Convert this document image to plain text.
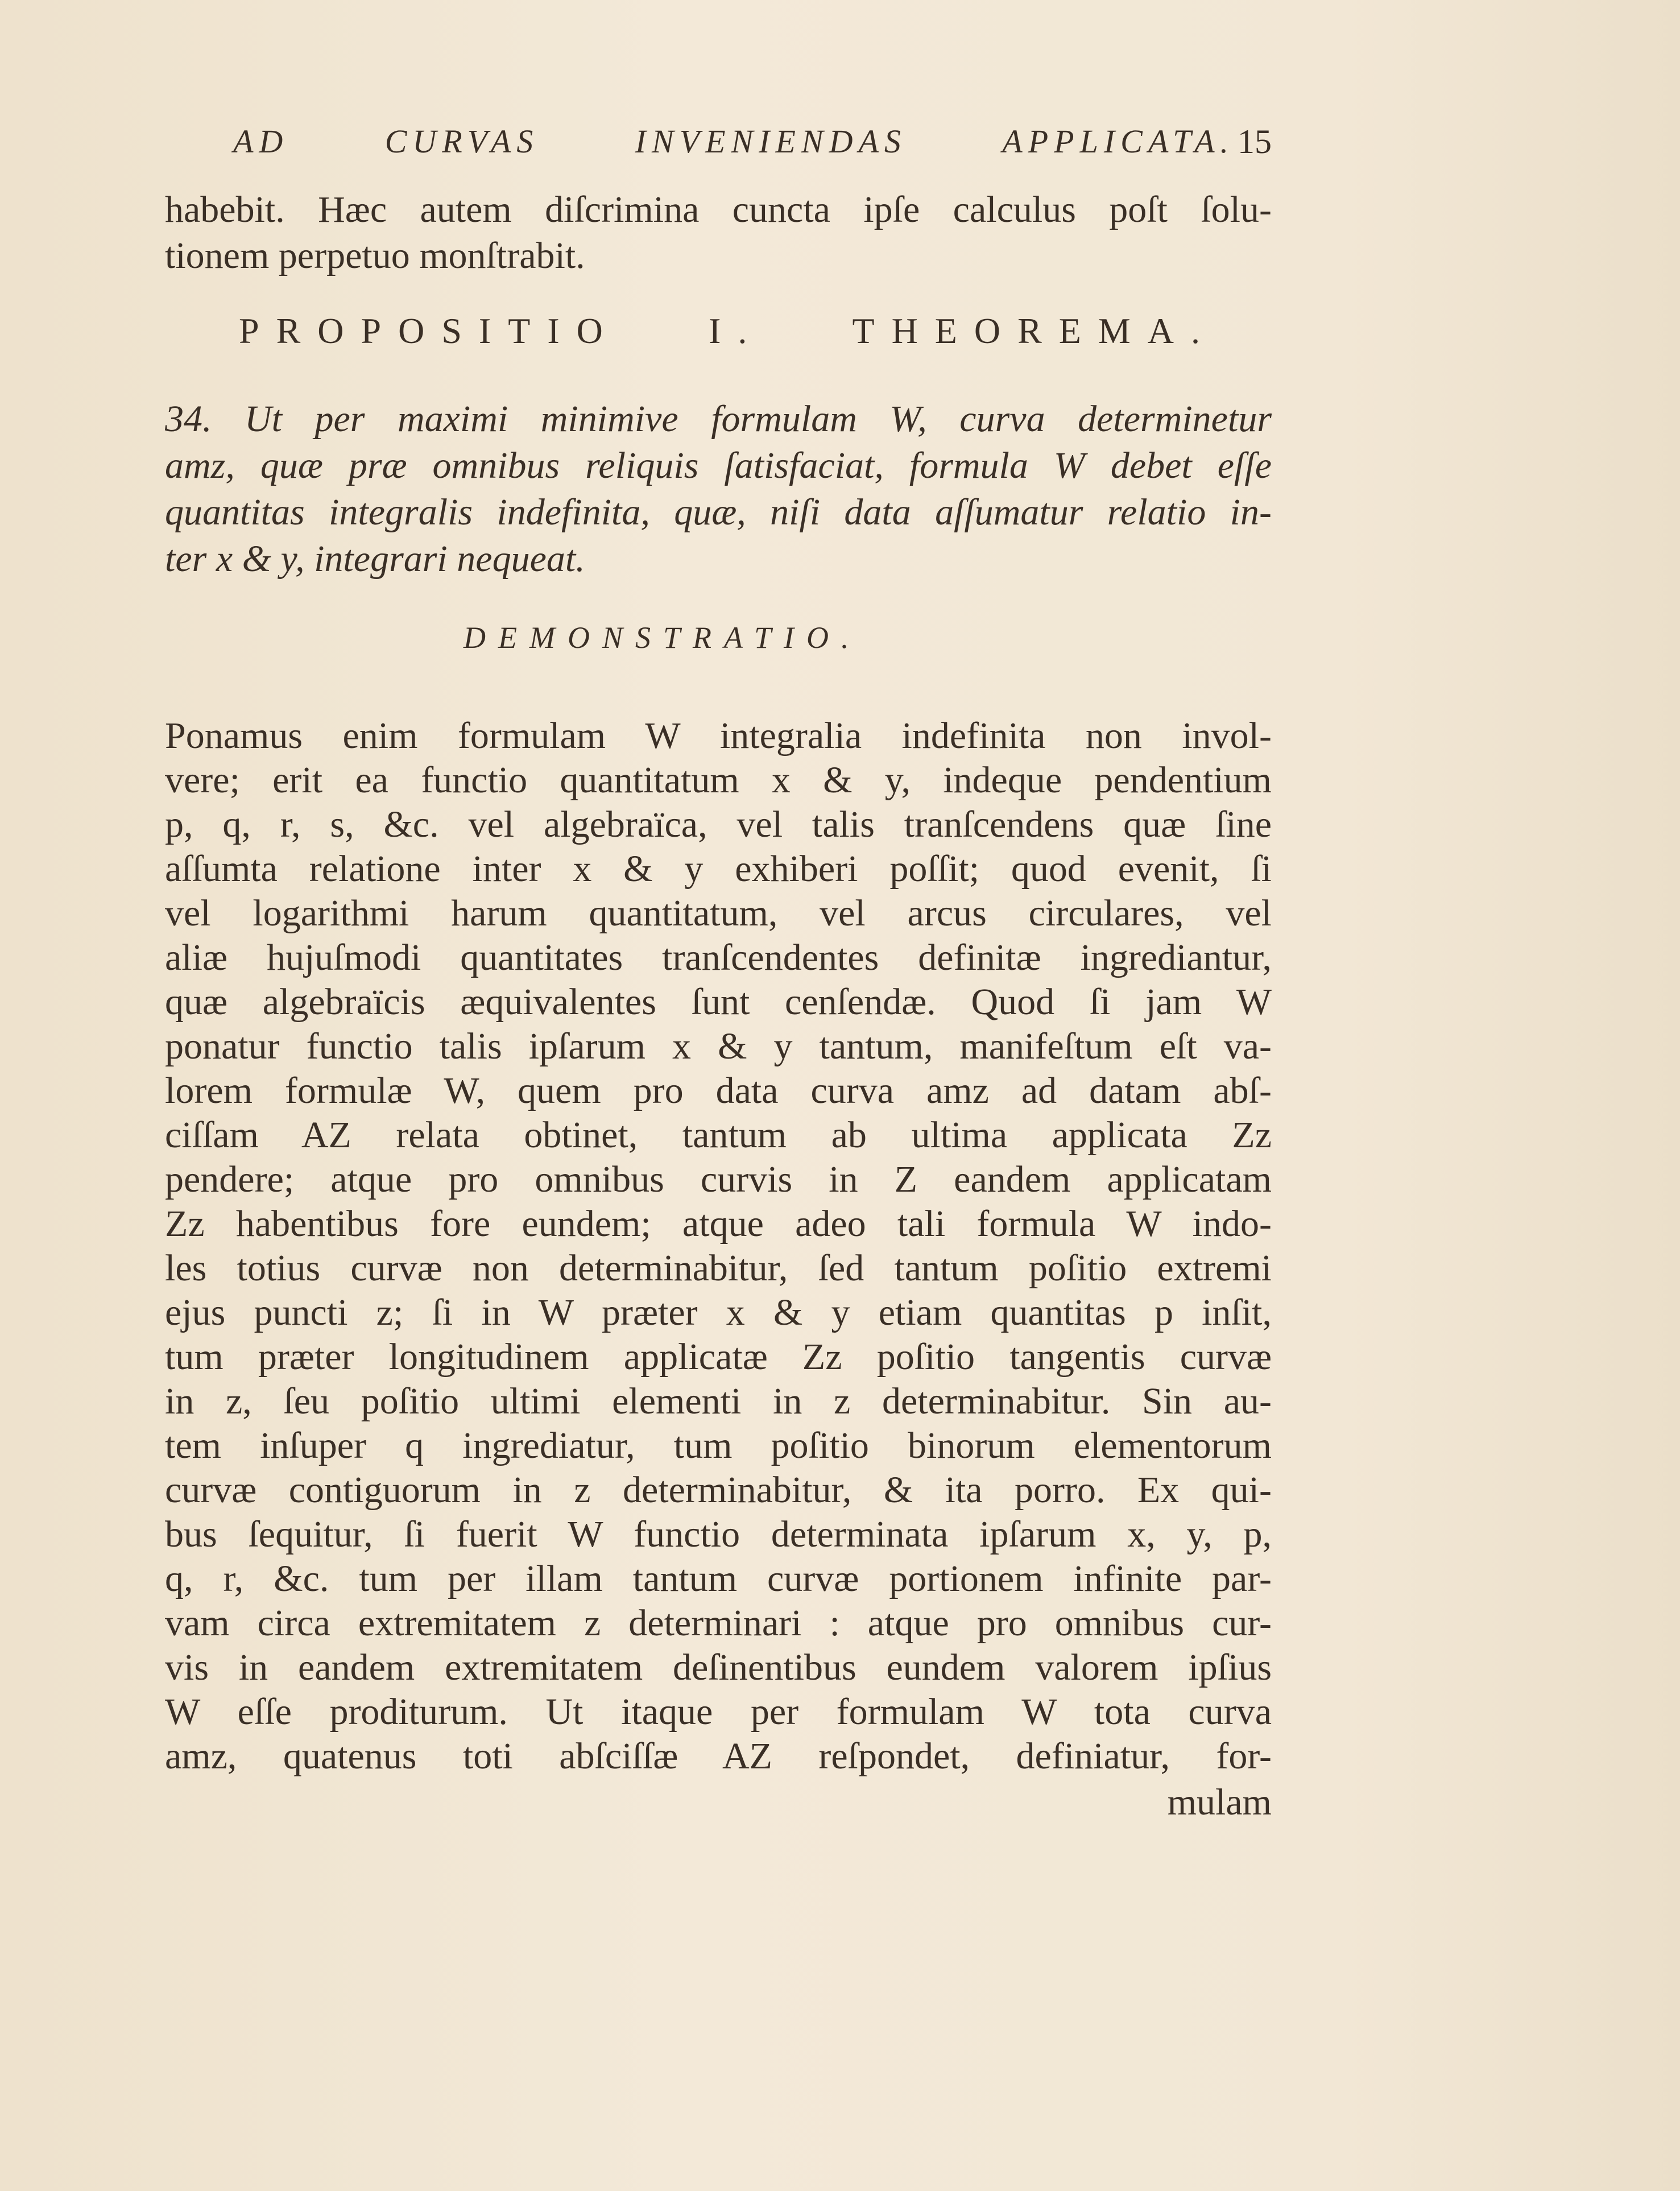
AD CURVAS INVENIENDAS APPLICATA. 15
habebit. Hæc autem diſcrimina cuncta ipſe calculus poſt ſolu-
tionem perpetuo monſtrabit.
PROPOSITIO I. THEOREMA.
34. Ut per maximi minimive formulam W, curva determinetur
amz, quæ præ omnibus reliquis ſatisfaciat, formula W debet eſſe
quantitas integralis indefinita, quæ, niſi data aſſumatur relatio in-
ter x & y, integrari nequeat.
DEMONSTRATIO.
Ponamus enim formulam W integralia indefinita non invol-
vere; erit ea functio quantitatum x & y, indeque pendentium
p, q, r, s, &c. vel algebraïca, vel talis tranſcendens quæ ſine
aſſumta relatione inter x & y exhiberi poſſit; quod evenit, ſi
vel logarithmi harum quantitatum, vel arcus circulares, vel
aliæ hujuſmodi quantitates tranſcendentes definitæ ingrediantur,
quæ algebraïcis æquivalentes ſunt cenſendæ. Quod ſi jam W
ponatur functio talis ipſarum x & y tantum, manifeſtum eſt va-
lorem formulæ W, quem pro data curva amz ad datam abſ-
ciſſam AZ relata obtinet, tantum ab ultima applicata Zz
pendere; atque pro omnibus curvis in Z eandem applicatam
Zz habentibus fore eundem; atque adeo tali formula W indo-
les totius curvæ non determinabitur, ſed tantum poſitio extremi
ejus puncti z; ſi in W præter x & y etiam quantitas p inſit,
tum præter longitudinem applicatæ Zz poſitio tangentis curvæ
in z, ſeu poſitio ultimi elementi in z determinabitur. Sin au-
tem inſuper q ingrediatur, tum poſitio binorum elementorum
curvæ contiguorum in z determinabitur, & ita porro. Ex qui-
bus ſequitur, ſi fuerit W functio determinata ipſarum x, y, p,
q, r, &c. tum per illam tantum curvæ portionem infinite par-
vam circa extremitatem z determinari : atque pro omnibus cur-
vis in eandem extremitatem deſinentibus eundem valorem ipſius
W eſſe proditurum. Ut itaque per formulam W tota curva
amz, quatenus toti abſciſſæ AZ reſpondet, definiatur, for-
mulam
